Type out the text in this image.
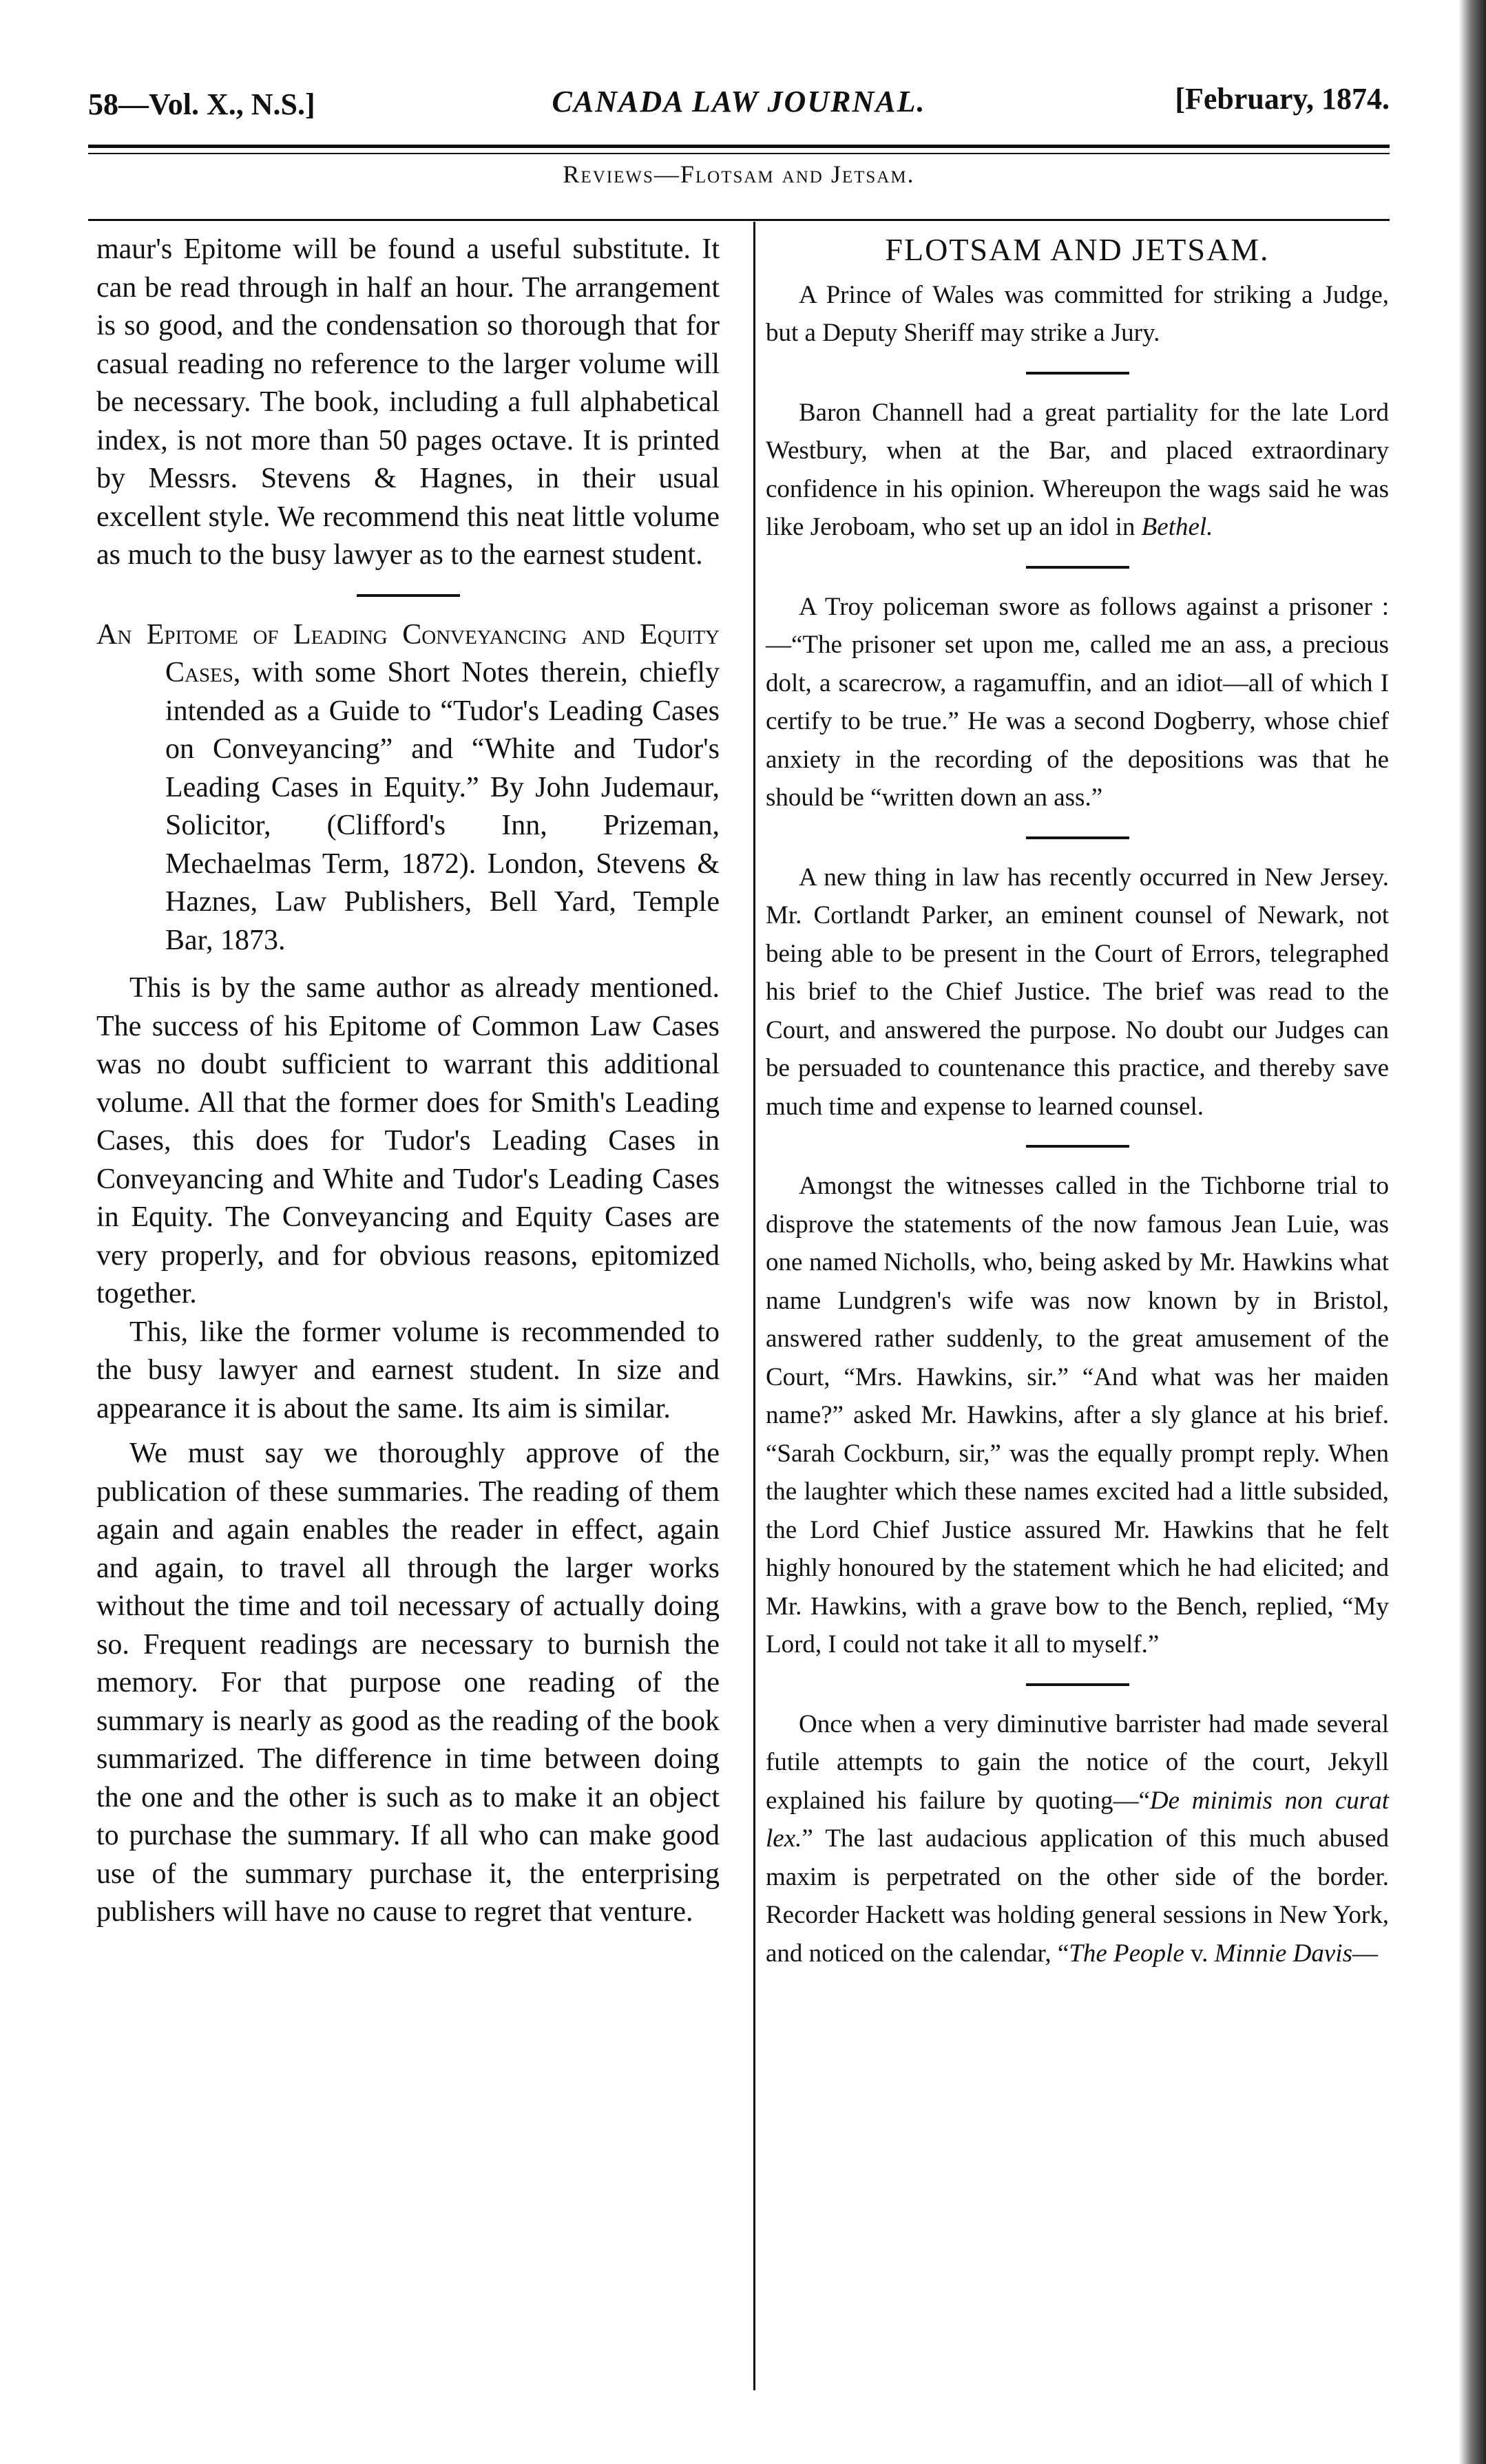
58—Vol. X., N.S.]	CANADA LAW JOURNAL.	[February, 1874.
Reviews—Flotsam and Jetsam.

maur's Epitome will be found a useful substitute. It can be read through in half an hour. The arrangement is so good, and the condensation so thorough that for casual reading no reference to the larger volume will be necessary. The book, including a full alphabetical index, is not more than 50 pages octave. It is printed by Messrs. Stevens & Hagnes, in their usual excellent style. We recommend this neat little volume as much to the busy lawyer as to the earnest student.

An Epitome of Leading Conveyancing and Equity Cases, with some Short Notes therein, chiefly intended as a Guide to “Tudor's Leading Cases on Conveyancing” and “White and Tudor's Leading Cases in Equity.” By John Judemaur, Solicitor, (Clifford's Inn, Prizeman, Mechaelmas Term, 1872). London, Stevens & Haznes, Law Publishers, Bell Yard, Temple Bar, 1873.

This is by the same author as already mentioned. The success of his Epitome of Common Law Cases was no doubt sufficient to warrant this additional volume. All that the former does for Smith's Leading Cases, this does for Tudor's Leading Cases in Conveyancing and White and Tudor's Leading Cases in Equity. The Conveyancing and Equity Cases are very properly, and for obvious reasons, epitomized together.

This, like the former volume is recommended to the busy lawyer and earnest student. In size and appearance it is about the same. Its aim is similar.

We must say we thoroughly approve of the publication of these summaries. The reading of them again and again enables the reader in effect, again and again, to travel all through the larger works without the time and toil necessary of actually doing so. Frequent readings are necessary to burnish the memory. For that purpose one reading of the summary is nearly as good as the reading of the book summarized. The difference in time between doing the one and the other is such as to make it an object to purchase the summary. If all who can make good use of the summary purchase it, the enterprising publishers will have no cause to regret that venture.

FLOTSAM AND JETSAM.

A Prince of Wales was committed for striking a Judge, but a Deputy Sheriff may strike a Jury.

Baron Channell had a great partiality for the late Lord Westbury, when at the Bar, and placed extraordinary confidence in his opinion. Whereupon the wags said he was like Jeroboam, who set up an idol in Bethel.

A Troy policeman swore as follows against a prisoner :—“The prisoner set upon me, called me an ass, a precious dolt, a scarecrow, a ragamuffin, and an idiot—all of which I certify to be true.” He was a second Dogberry, whose chief anxiety in the recording of the depositions was that he should be “written down an ass.”

A new thing in law has recently occurred in New Jersey. Mr. Cortlandt Parker, an eminent counsel of Newark, not being able to be present in the Court of Errors, telegraphed his brief to the Chief Justice. The brief was read to the Court, and answered the purpose. No doubt our Judges can be persuaded to countenance this practice, and thereby save much time and expense to learned counsel.

Amongst the witnesses called in the Tichborne trial to disprove the statements of the now famous Jean Luie, was one named Nicholls, who, being asked by Mr. Hawkins what name Lundgren's wife was now known by in Bristol, answered rather suddenly, to the great amusement of the Court, “Mrs. Hawkins, sir.” “And what was her maiden name?” asked Mr. Hawkins, after a sly glance at his brief. “Sarah Cockburn, sir,” was the equally prompt reply. When the laughter which these names excited had a little subsided, the Lord Chief Justice assured Mr. Hawkins that he felt highly honoured by the statement which he had elicited; and Mr. Hawkins, with a grave bow to the Bench, replied, “My Lord, I could not take it all to myself.”

Once when a very diminutive barrister had made several futile attempts to gain the notice of the court, Jekyll explained his failure by quoting—“De minimis non curat lex.” The last audacious application of this much abused maxim is perpetrated on the other side of the border. Recorder Hackett was holding general sessions in New York, and noticed on the calendar, “The People v. Minnie Davis—
